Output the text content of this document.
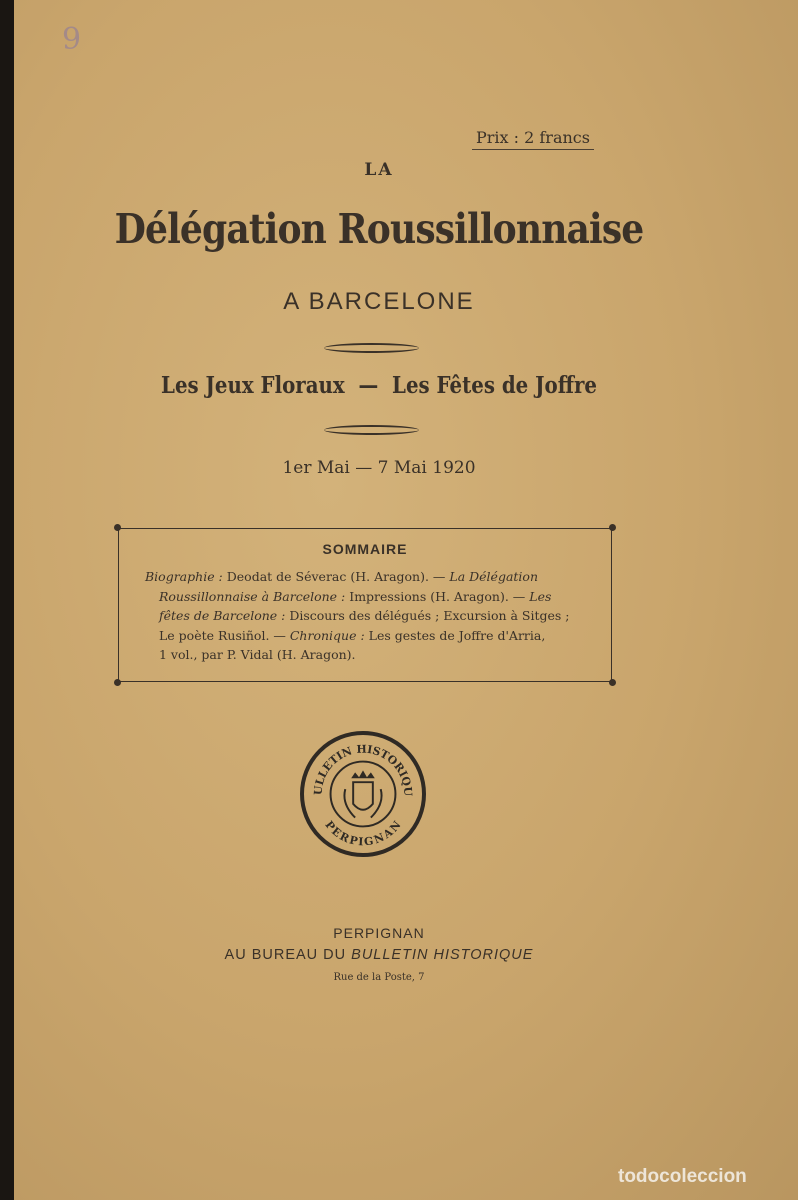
9
Prix : 2 francs
LA
Délégation Roussillonnaise
A BARCELONE
Les Jeux Floraux — Les Fêtes de Joffre
1er Mai — 7 Mai 1920
SOMMAIRE
Biographie : Deodat de Séverac (H. Aragon). — La Délégation
Roussillonnaise à Barcelone : Impressions (H. Aragon). — Les
fêtes de Barcelone : Discours des délégués ; Excursion à Sitges ;
Le poète Rusiñol. — Chronique : Les gestes de Joffre d'Arria,
1 vol., par P. Vidal (H. Aragon).
ULLETIN HISTORIQU
PERPIGNAN
PERPIGNAN
AU BUREAU DU BULLETIN HISTORIQUE
Rue de la Poste, 7
todocoleccion
